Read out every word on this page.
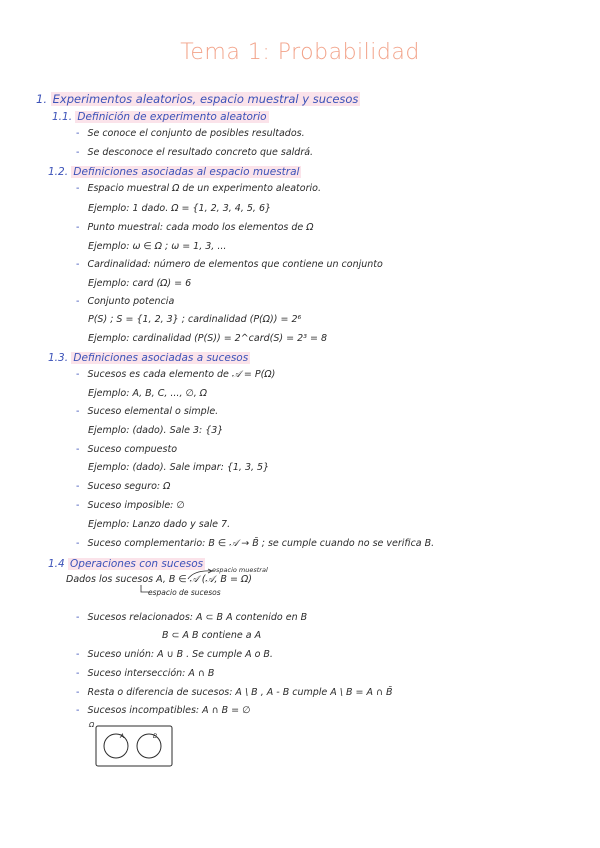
Tema 1: Probabilidad
1. Experimentos aleatorios, espacio muestral y sucesos
1.1. Definición de experimento aleatorio
- Se conoce el conjunto de posibles resultados.
- Se desconoce el resultado concreto que saldrá.
1.2. Definiciones asociadas al espacio muestral
- Espacio muestral Ω de un experimento aleatorio.
Ejemplo: 1 dado. Ω = {1, 2, 3, 4, 5, 6}
- Punto muestral: cada modo los elementos de Ω
Ejemplo: ω ∈ Ω ; ω = 1, 3, ...
- Cardinalidad: número de elementos que contiene un conjunto
Ejemplo: card (Ω) = 6
- Conjunto potencia
P(S) ; S = {1, 2, 3} ; cardinalidad (P(Ω)) = 2⁶
Ejemplo: cardinalidad (P(S)) = 2^card(S) = 2³ = 8
1.3. Definiciones asociadas a sucesos
- Sucesos es cada elemento de 𝒜 = P(Ω)
Ejemplo: A, B, C, ..., ∅, Ω
- Suceso elemental o simple.
Ejemplo: (dado). Sale 3: {3}
- Suceso compuesto
Ejemplo: (dado). Sale impar: {1, 3, 5}
- Suceso seguro: Ω
- Suceso imposible: ∅
Ejemplo: Lanzo dado y sale 7.
- Suceso complementario: B ∈ 𝒜 → B̄ ; se cumple cuando no se verifica B.
1.4 Operaciones con sucesos	espacio muestral
Dados los sucesos A, B ∈ 𝒜 (𝒜, B = Ω)
espacio de sucesos
- Sucesos relacionados: A ⊂ B A contenido en B
B ⊂ A B contiene a A
- Suceso unión: A ∪ B . Se cumple A o B.
- Suceso intersección: A ∩ B
- Resta o diferencia de sucesos: A \ B , A - B cumple A \ B = A ∩ B̄
- Sucesos incompatibles: A ∩ B = ∅
Ω
A	B
